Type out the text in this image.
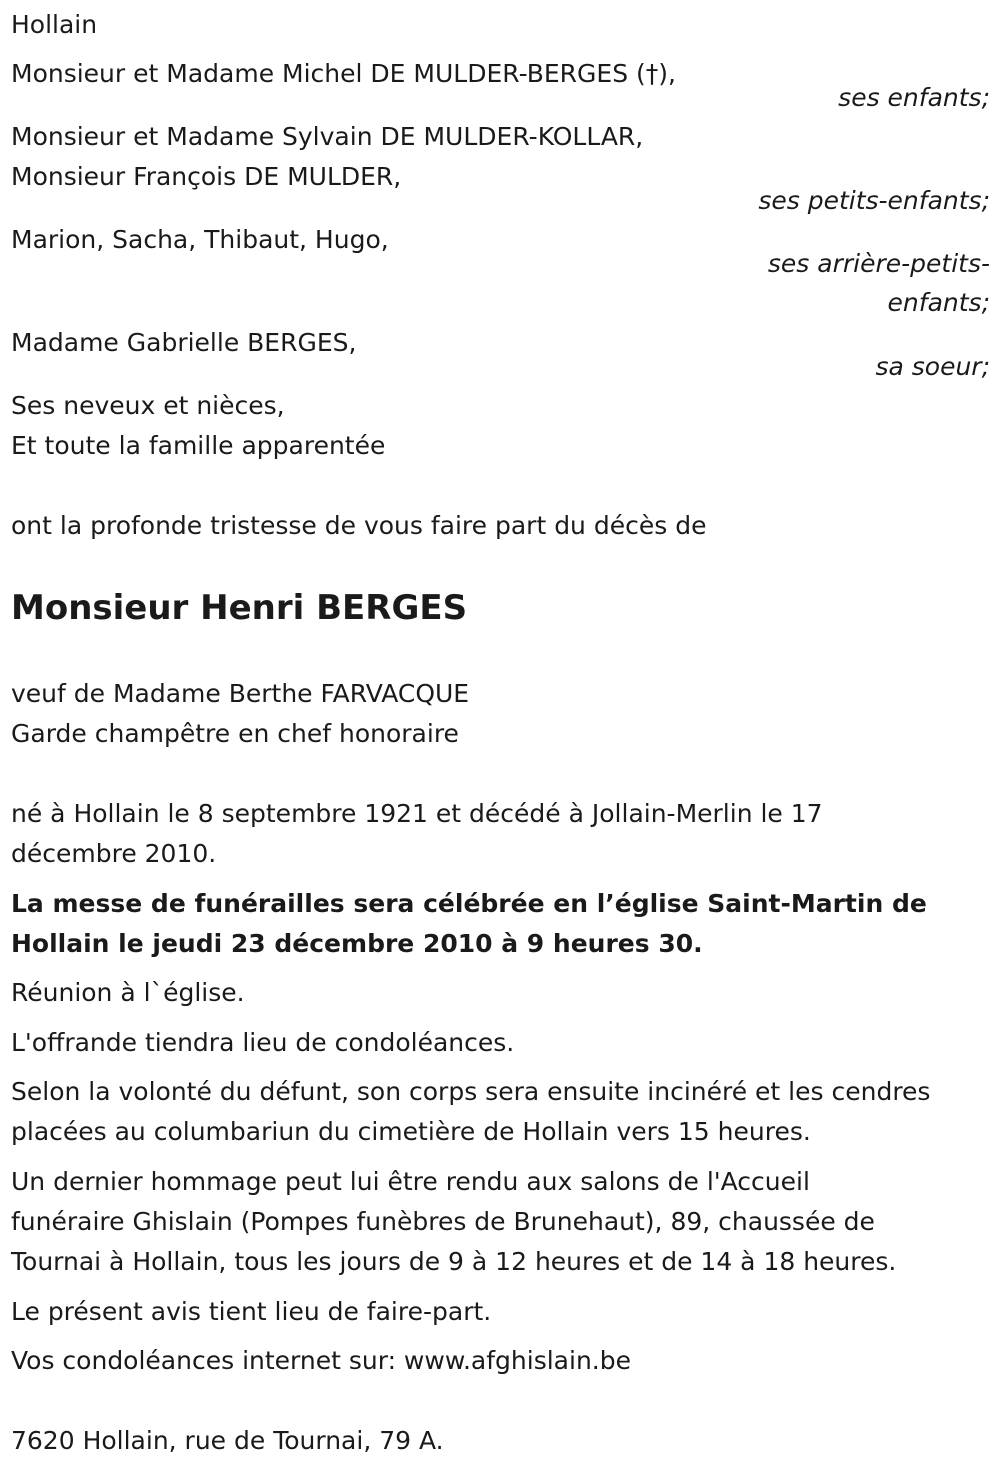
Hollain

Monsieur et Madame Michel DE MULDER-BERGES (†),

ses enfants;

Monsieur et Madame Sylvain DE MULDER-KOLLAR,

Monsieur François DE MULDER,

ses petits-enfants;

Marion, Sacha, Thibaut, Hugo,

ses arrière-petits-

enfants;

Madame Gabrielle BERGES,

sa soeur;

Ses neveux et nièces,

Et toute la famille apparentée

ont la profonde tristesse de vous faire part du décès de

Monsieur Henri BERGES

veuf de Madame Berthe FARVACQUE

Garde champêtre en chef honoraire

né à Hollain le 8 septembre 1921 et décédé à Jollain-Merlin le 17

décembre 2010.

La messe de funérailles sera célébrée en l’église Saint-Martin de

Hollain le jeudi 23 décembre 2010 à 9 heures 30.

Réunion à l`église.

L'offrande tiendra lieu de condoléances.

Selon la volonté du défunt, son corps sera ensuite inciné​ré et les cendres

placées au columbariun du cimetière de Hollain vers 15 heures.

Un dernier hommage peut lui être rendu aux salons de l'Accueil

funéraire Ghislain (Pompes funèbres de Brunehaut), 89, chaussée de

Tournai à Hollain, tous les jours de 9 à 12 heures et de 14 à 18 heures.

Le présent avis tient lieu de faire-part.

Vos condoléances internet sur: www.afghislain.be

7620 Hollain, rue de Tournai, 79 A.
